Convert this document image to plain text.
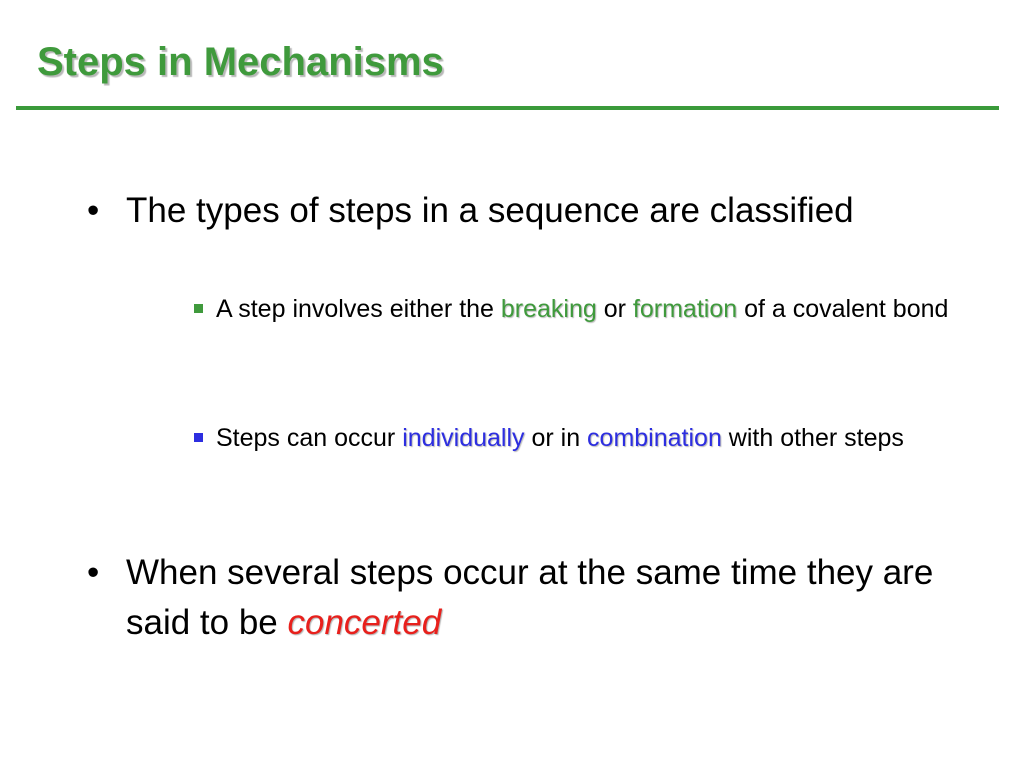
Steps in Mechanisms
• The types of steps in a sequence are classified
A step involves either the breaking or formation of a covalent bond
Steps can occur individually or in combination with other steps
• When several steps occur at the same time they are said to be concerted
